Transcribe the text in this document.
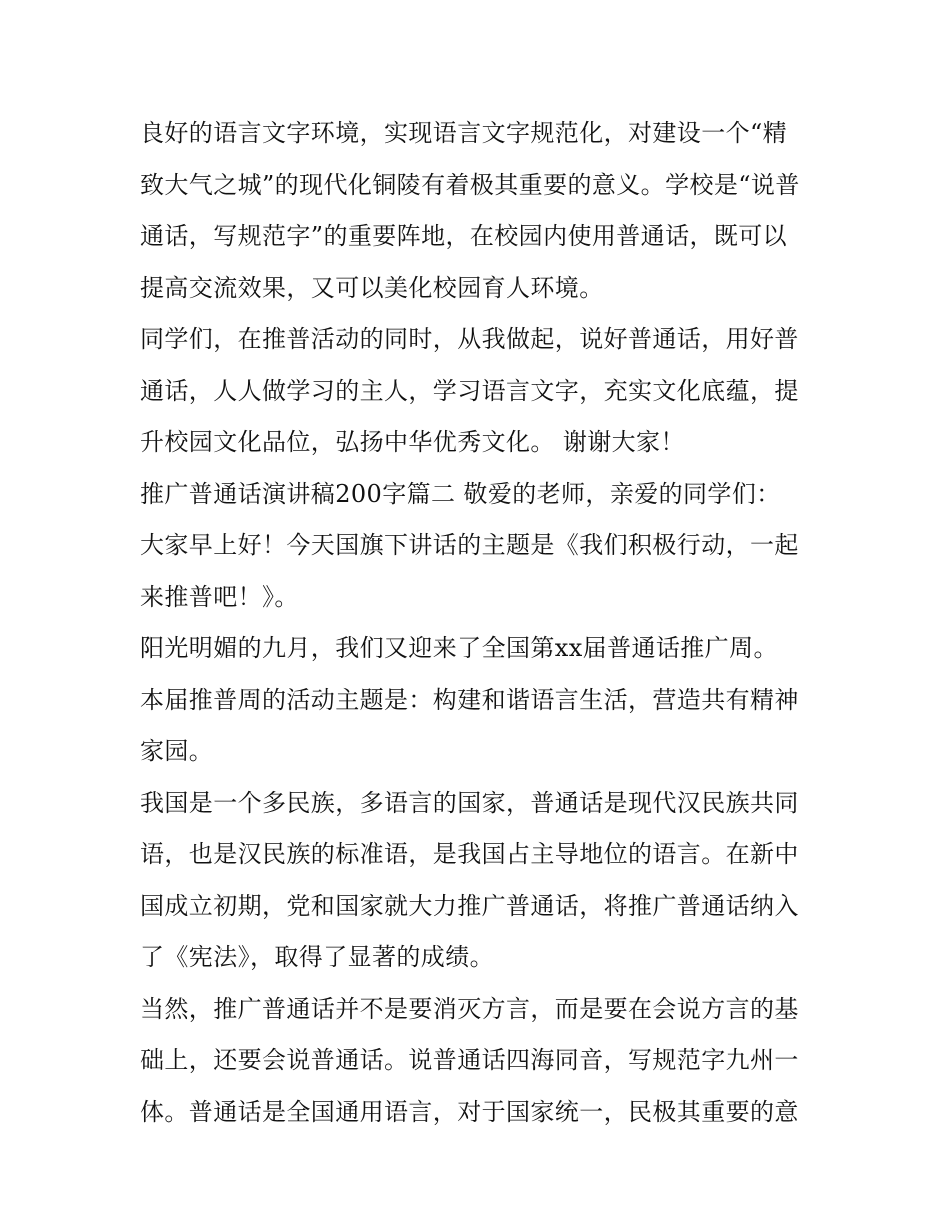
良好的语言文字环境，实现语言文字规范化，对建设一个“精
致大气之城”的现代化铜陵有着极其重要的意义。学校是“说普
通话，写规范字”的重要阵地，在校园内使用普通话，既可以
提高交流效果，又可以美化校园育人环境。
同学们，在推普活动的同时，从我做起，说好普通话，用好普
通话，人人做学习的主人，学习语言文字，充实文化底蕴，提
升校园文化品位，弘扬中华优秀文化。 谢谢大家！
推广普通话演讲稿200字篇二 敬爱的老师，亲爱的同学们：
大家早上好！今天国旗下讲话的主题是《我们积极行动，一起
来推普吧！》。
阳光明媚的九月，我们又迎来了全国第xx届普通话推广周。
本届推普周的活动主题是：构建和谐语言生活，营造共有精神
家园。
我国是一个多民族，多语言的国家，普通话是现代汉民族共同
语，也是汉民族的标准语，是我国占主导地位的语言。在新中
国成立初期，党和国家就大力推广普通话，将推广普通话纳入
了《宪法》，取得了显著的成绩。
当然，推广普通话并不是要消灭方言，而是要在会说方言的基
础上，还要会说普通话。说普通话四海同音，写规范字九州一
体。普通话是全国通用语言，对于国家统一，民极其重要的意
